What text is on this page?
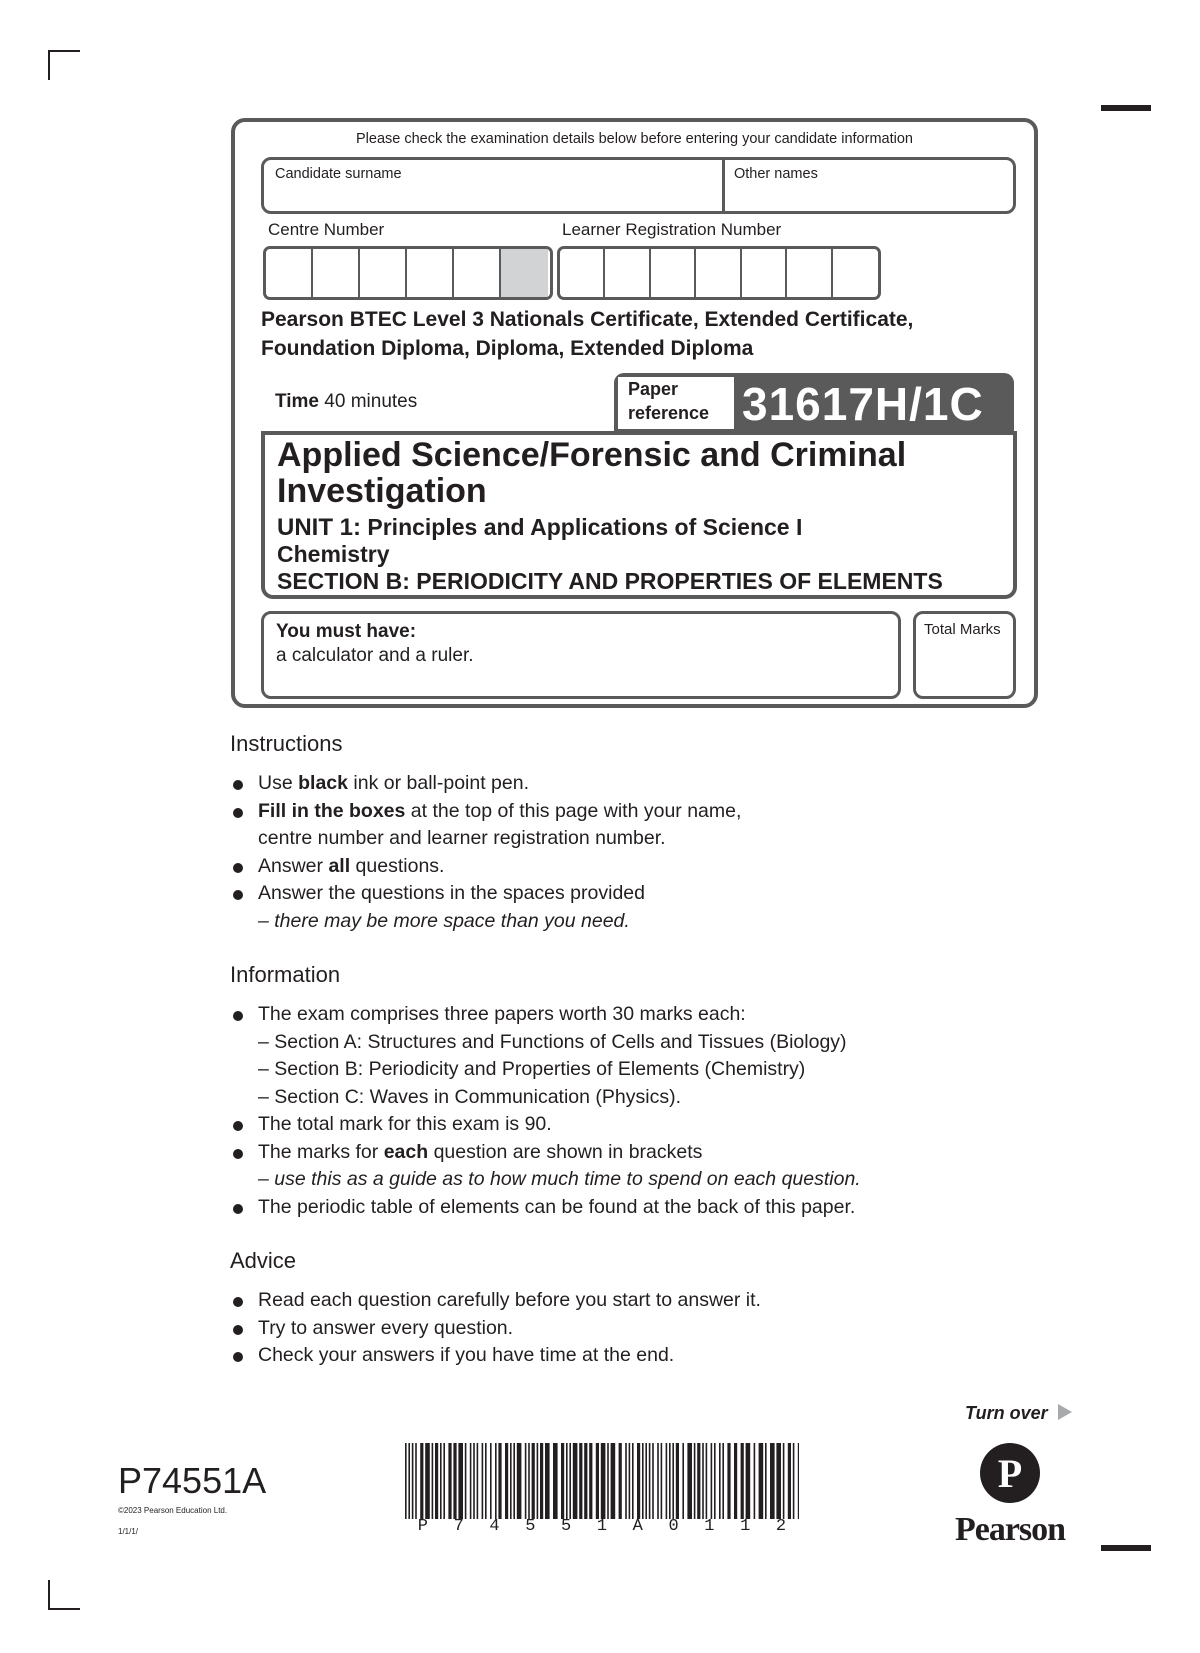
Please check the examination details below before entering your candidate information
Candidate surname	Other names
Centre Number	Learner Registration Number
Pearson BTEC Level 3 Nationals Certificate, Extended Certificate,
Foundation Diploma, Diploma, Extended Diploma
Time 40 minutes
Paper
reference 31617H/1C
Applied Science/Forensic and Criminal
Investigation
UNIT 1: Principles and Applications of Science I
Chemistry
SECTION B: PERIODICITY AND PROPERTIES OF ELEMENTS
You must have:
a calculator and a ruler.
Total Marks
Instructions
Use black ink or ball-point pen.
Fill in the boxes at the top of this page with your name,
centre number and learner registration number.
Answer all questions.
Answer the questions in the spaces provided
– there may be more space than you need.
Information
The exam comprises three papers worth 30 marks each:
– Section A: Structures and Functions of Cells and Tissues (Biology)
– Section B: Periodicity and Properties of Elements (Chemistry)
– Section C: Waves in Communication (Physics).
The total mark for this exam is 90.
The marks for each question are shown in brackets
– use this as a guide as to how much time to spend on each question.
The periodic table of elements can be found at the back of this paper.
Advice
Read each question carefully before you start to answer it.
Try to answer every question.
Check your answers if you have time at the end.
Turn over
P74551A
©2023 Pearson Education Ltd.
1/1/1/	P 7 4 5 5 1 A 0 1 1 2
P
Pearson
